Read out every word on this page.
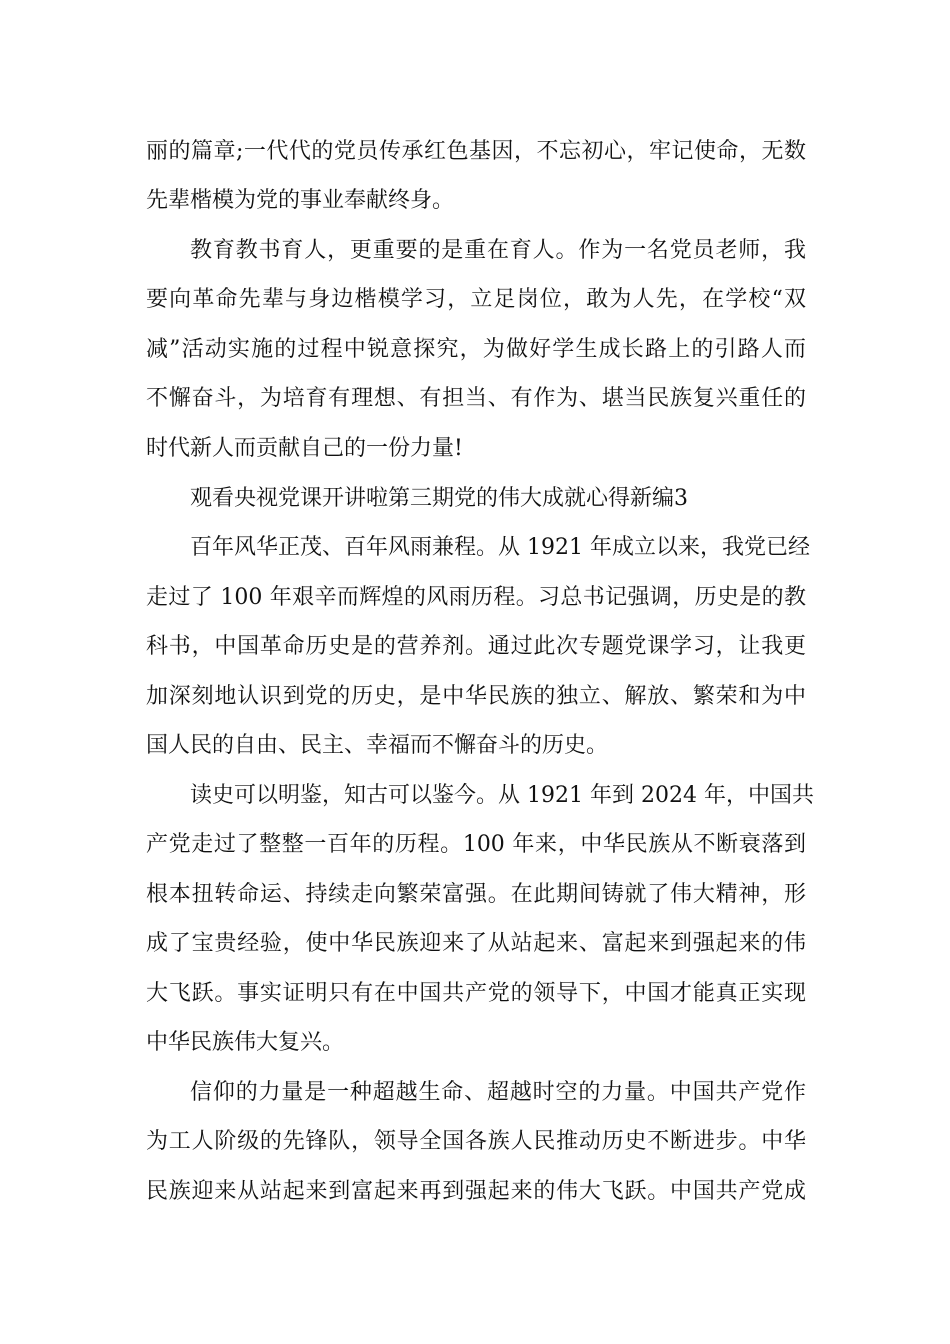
丽的篇章;一代代的党员传承红色基因，不忘初心，牢记使命，无数
先辈楷模为党的事业奉献终身。
教育教书育人，更重要的是重在育人。作为一名党员老师，我
要向革命先辈与身边楷模学习，立足岗位，敢为人先，在学校“双
减”活动实施的过程中锐意探究，为做好学生成长路上的引路人而
不懈奋斗，为培育有理想、有担当、有作为、堪当民族复兴重任的
时代新人而贡献自己的一份力量!
观看央视党课开讲啦第三期党的伟大成就心得新编3
百年风华正茂、百年风雨兼程。从 1921 年成立以来，我党已经
走过了 100 年艰辛而辉煌的风雨历程。习总书记强调，历史是的教
科书，中国革命历史是的营养剂。通过此次专题党课学习，让我更
加深刻地认识到党的历史，是中华民族的独立、解放、繁荣和为中
国人民的自由、民主、幸福而不懈奋斗的历史。
读史可以明鉴，知古可以鉴今。从 1921 年到 2024 年，中国共
产党走过了整整一百年的历程。100 年来，中华民族从不断衰落到
根本扭转命运、持续走向繁荣富强。在此期间铸就了伟大精神，形
成了宝贵经验，使中华民族迎来了从站起来、富起来到强起来的伟
大飞跃。事实证明只有在中国共产党的领导下，中国才能真正实现
中华民族伟大复兴。
信仰的力量是一种超越生命、超越时空的力量。中国共产党作
为工人阶级的先锋队，领导全国各族人民推动历史不断进步。中华
民族迎来从站起来到富起来再到强起来的伟大飞跃。中国共产党成
